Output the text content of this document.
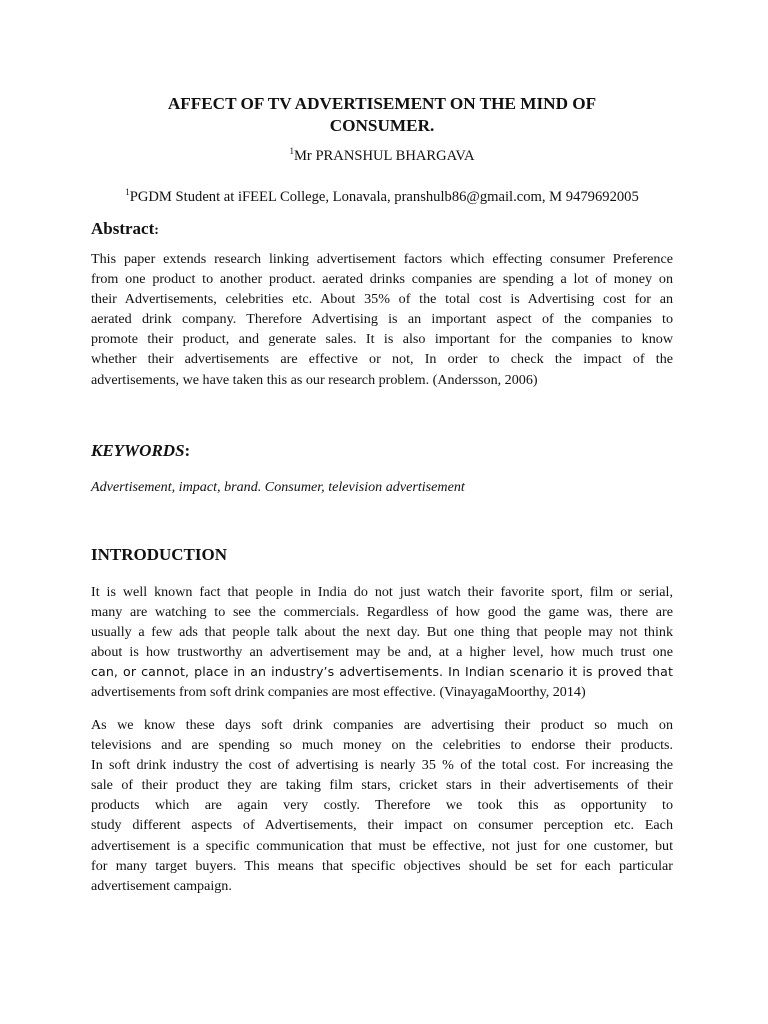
AFFECT OF TV ADVERTISEMENT ON THE MIND OF
CONSUMER.
$^1$Mr PRANSHUL BHARGAVA
$^1$PGDM Student at iFEEL College, Lonavala, pranshulb86@gmail.com, M 9479692005
Abstract:
This paper extends research linking advertisement factors which effecting consumer Preference
from one product to another product. aerated drinks companies are spending a lot of money on
their Advertisements, celebrities etc. About 35% of the total cost is Advertising cost for an
aerated drink company. Therefore Advertising is an important aspect of the companies to
promote their product, and generate sales. It is also important for the companies to know
whether their advertisements are effective or not, In order to check the impact of the
advertisements, we have taken this as our research problem. (Andersson, 2006)
KEYWORDS:
Advertisement, impact, brand. Consumer, television advertisement
INTRODUCTION
It is well known fact that people in India do not just watch their favorite sport, film or serial,
many are watching to see the commercials. Regardless of how good the game was, there are
usually a few ads that people talk about the next day. But one thing that people may not think
about is how trustworthy an advertisement may be and, at a higher level, how much trust one
can, or cannot, place in an industry’s advertisements. In Indian scenario it is proved that
advertisements from soft drink companies are most effective. (VinayagaMoorthy, 2014)
As we know these days soft drink companies are advertising their product so much on
televisions and are spending so much money on the celebrities to endorse their products.
In soft drink industry the cost of advertising is nearly 35 % of the total cost. For increasing the
sale of their product they are taking film stars, cricket stars in their advertisements of their
products which are again very costly. Therefore we took this as opportunity to
study different aspects of Advertisements, their impact on consumer perception etc. Each
advertisement is a specific communication that must be effective, not just for one customer, but
for many target buyers. This means that specific objectives should be set for each particular
advertisement campaign.
